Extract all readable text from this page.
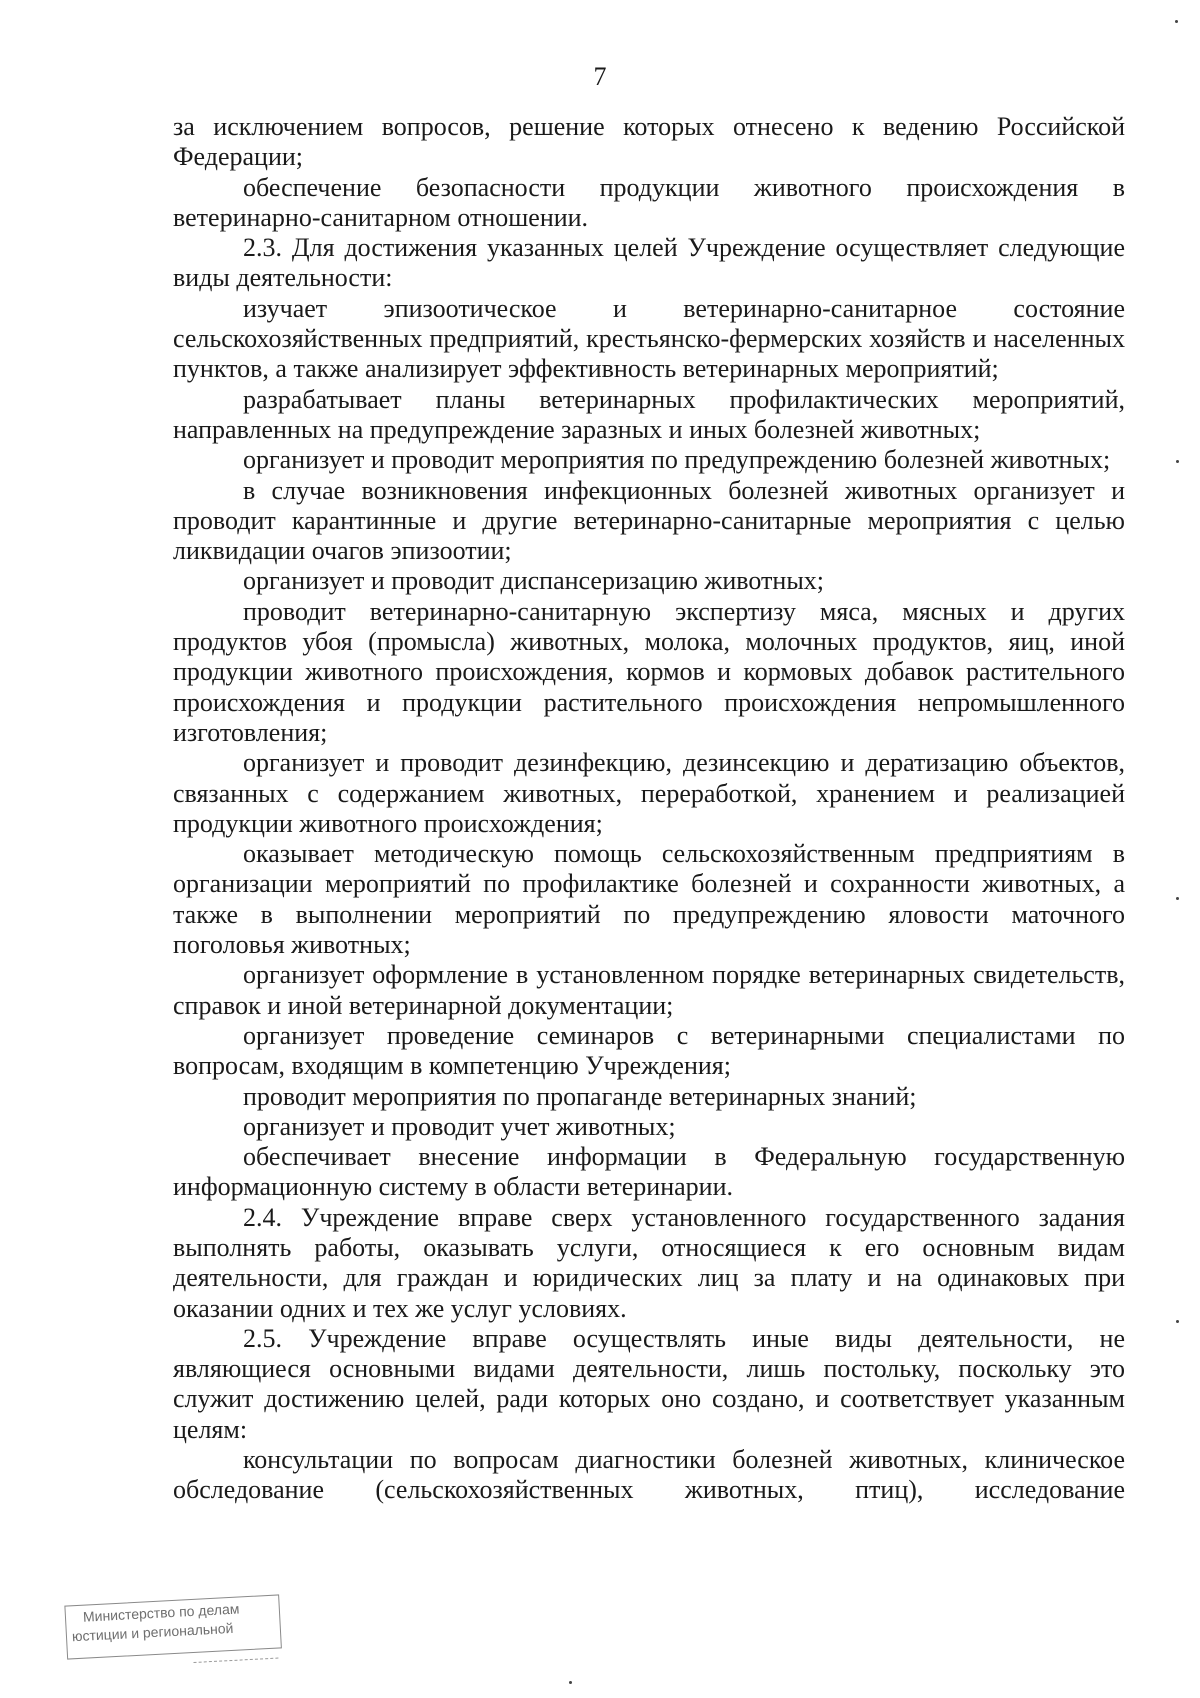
7

за исключением вопросов, решение которых отнесено к ведению Российской Федерации;

обеспечение безопасности продукции животного происхождения в ветеринарно-санитарном отношении.

2.3. Для достижения указанных целей Учреждение осуществляет следующие виды деятельности:

изучает эпизоотическое и ветеринарно-санитарное состояние сельскохозяйственных предприятий, крестьянско-фермерских хозяйств и населенных пунктов, а также анализирует эффективность ветеринарных мероприятий;

разрабатывает планы ветеринарных профилактических мероприятий, направленных на предупреждение заразных и иных болезней животных;

организует и проводит мероприятия по предупреждению болезней животных;

в случае возникновения инфекционных болезней животных организует и проводит карантинные и другие ветеринарно-санитарные мероприятия с целью ликвидации очагов эпизоотии;

организует и проводит диспансеризацию животных;

проводит ветеринарно-санитарную экспертизу мяса, мясных и других продуктов убоя (промысла) животных, молока, молочных продуктов, яиц, иной продукции животного происхождения, кормов и кормовых добавок растительного происхождения и продукции растительного происхождения непромышленного изготовления;

организует и проводит дезинфекцию, дезинсекцию и дератизацию объектов, связанных с содержанием животных, переработкой, хранением и реализацией продукции животного происхождения;

оказывает методическую помощь сельскохозяйственным предприятиям в организации мероприятий по профилактике болезней и сохранности животных, а также в выполнении мероприятий по предупреждению яловости маточного поголовья животных;

организует оформление в установленном порядке ветеринарных свидетельств, справок и иной ветеринарной документации;

организует проведение семинаров с ветеринарными специалистами по вопросам, входящим в компетенцию Учреждения;

проводит мероприятия по пропаганде ветеринарных знаний;

организует и проводит учет животных;

обеспечивает внесение информации в Федеральную государственную информационную систему в области ветеринарии.

2.4. Учреждение вправе сверх установленного государственного задания выполнять работы, оказывать услуги, относящиеся к его основным видам деятельности, для граждан и юридических лиц за плату и на одинаковых при оказании одних и тех же услуг условиях.

2.5. Учреждение вправе осуществлять иные виды деятельности, не являющиеся основными видами деятельности, лишь постольку, поскольку это служит достижению целей, ради которых оно создано, и соответствует указанным целям:

консультации по вопросам диагностики болезней животных, клиническое обследование (сельскохозяйственных животных, птиц), исследование

Министерство по делам
юстиции и региональной
